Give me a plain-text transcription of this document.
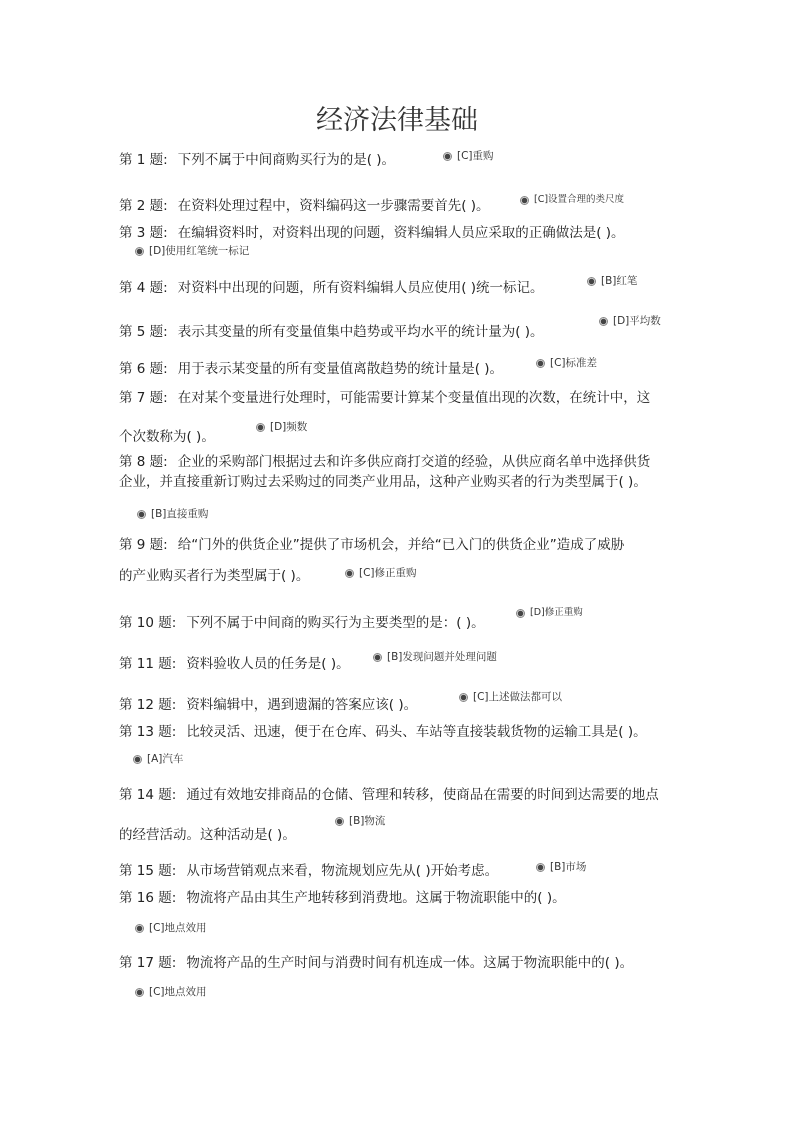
经济法律基础
第 1 题: 下列不属于中间商购买行为的是( )。	[C]重购
第 2 题: 在资料处理过程中，资料编码这一步骤需要首先( )。	[C]设置合理的类尺度
第 3 题: 在编辑资料时，对资料出现的问题，资料编辑人员应采取的正确做法是( )。
[D]使用红笔统一标记
第 4 题: 对资料中出现的问题，所有资料编辑人员应使用( )统一标记。	[B]红笔
第 5 题: 表示其变量的所有变量值集中趋势或平均水平的统计量为( )。
[D]平均数
第 6 题: 用于表示某变量的所有变量值离散趋势的统计量是( )。	[C]标准差
第 7 题: 在对某个变量进行处理时，可能需要计算某个变量值出现的次数，在统计中，这
个次数称为( )。
[D]频数
第 8 题: 企业的采购部门根据过去和许多供应商打交道的经验，从供应商名单中选择供货
企业，并直接重新订购过去采购过的同类产业用品，这种产业购买者的行为类型属于( )。
[B]直接重购
第 9 题: 给“门外的供货企业”提供了市场机会，并给“已入门的供货企业”造成了威胁
的产业购买者行为类型属于( )。	[C]修正重购
第 10 题: 下列不属于中间商的购买行为主要类型的是：( )。
[D]修正重购
第 11 题: 资料验收人员的任务是( )。	[B]发现问题并处理问题
第 12 题: 资料编辑中，遇到遗漏的答案应该( )。	[C]上述做法都可以
第 13 题: 比较灵活、迅速，便于在仓库、码头、车站等直接装载货物的运输工具是( )。
[A]汽车
第 14 题: 通过有效地安排商品的仓储、管理和转移，使商品在需要的时间到达需要的地点
的经营活动。这种活动是( )。
[B]物流
第 15 题: 从市场营销观点来看，物流规划应先从( )开始考虑。	[B]市场
第 16 题: 物流将产品由其生产地转移到消费地。这属于物流职能中的( )。
[C]地点效用
第 17 题: 物流将产品的生产时间与消费时间有机连成一体。这属于物流职能中的( )。
[C]地点效用
